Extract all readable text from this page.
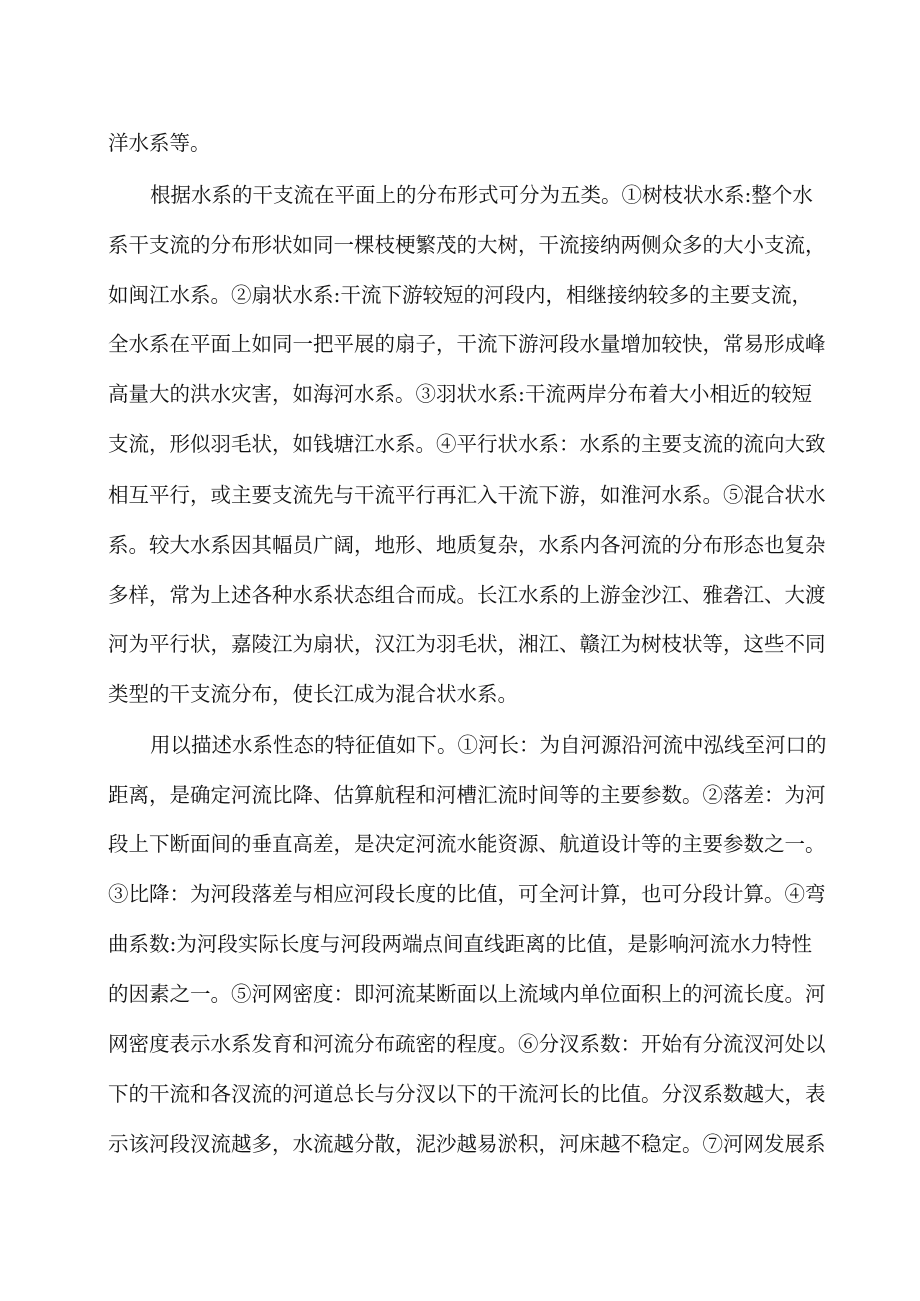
洋水系等。
根据水系的干支流在平面上的分布形式可分为五类。①树枝状水系:整个水
系干支流的分布形状如同一棵枝梗繁茂的大树，干流接纳两侧众多的大小支流，
如闽江水系。②扇状水系:干流下游较短的河段内，相继接纳较多的主要支流，
全水系在平面上如同一把平展的扇子，干流下游河段水量增加较快，常易形成峰
高量大的洪水灾害，如海河水系。③羽状水系:干流两岸分布着大小相近的较短
支流，形似羽毛状，如钱塘江水系。④平行状水系：水系的主要支流的流向大致
相互平行，或主要支流先与干流平行再汇入干流下游，如淮河水系。⑤混合状水
系。较大水系因其幅员广阔，地形、地质复杂，水系内各河流的分布形态也复杂
多样，常为上述各种水系状态组合而成。长江水系的上游金沙江、雅砻江、大渡
河为平行状，嘉陵江为扇状，汉江为羽毛状，湘江、赣江为树枝状等，这些不同
类型的干支流分布，使长江成为混合状水系。
用以描述水系性态的特征值如下。①河长：为自河源沿河流中泓线至河口的
距离，是确定河流比降、估算航程和河槽汇流时间等的主要参数。②落差：为河
段上下断面间的垂直高差，是决定河流水能资源、航道设计等的主要参数之一。
③比降：为河段落差与相应河段长度的比值，可全河计算，也可分段计算。④弯
曲系数:为河段实际长度与河段两端点间直线距离的比值，是影响河流水力特性
的因素之一。⑤河网密度：即河流某断面以上流域内单位面积上的河流长度。河
网密度表示水系发育和河流分布疏密的程度。⑥分汊系数：开始有分流汊河处以
下的干流和各汊流的河道总长与分汊以下的干流河长的比值。分汊系数越大，表
示该河段汊流越多，水流越分散，泥沙越易淤积，河床越不稳定。⑦河网发展系
